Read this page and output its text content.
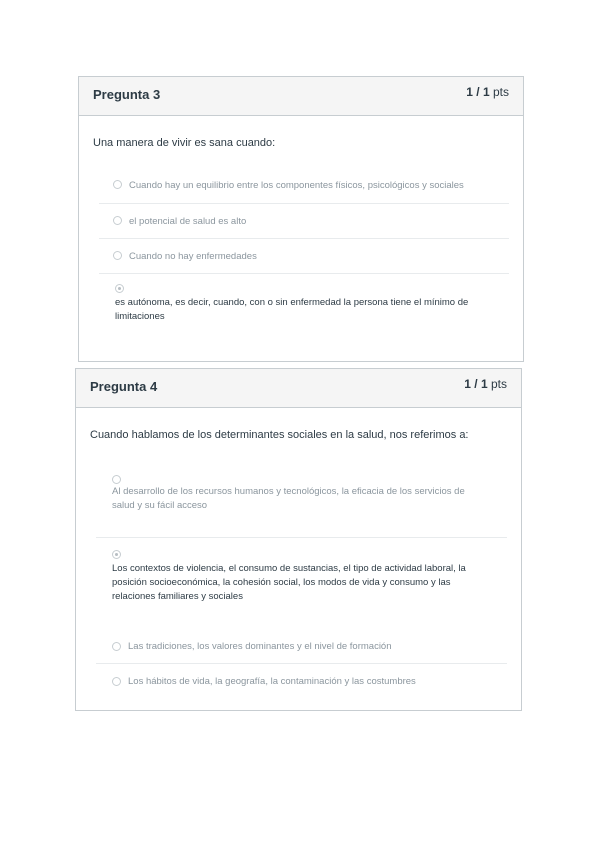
Pregunta 3	1 / 1 pts
Una manera de vivir es sana cuando:
Cuando hay un equilibrio entre los componentes físicos, psicológicos y sociales
el potencial de salud es alto
Cuando no hay enfermedades
es autónoma, es decir, cuando, con o sin enfermedad la persona tiene el mínimo de limitaciones
Pregunta 4	1 / 1 pts
Cuando hablamos de los determinantes sociales en la salud, nos referimos a:
Al desarrollo de los recursos humanos y tecnológicos, la eficacia de los servicios de salud y su fácil acceso
Los contextos de violencia, el consumo de sustancias, el tipo de actividad laboral, la posición socioeconómica, la cohesión social, los modos de vida y consumo y las relaciones familiares y sociales
Las tradiciones, los valores dominantes y el nivel de formación
Los hábitos de vida, la geografía, la contaminación y las costumbres
